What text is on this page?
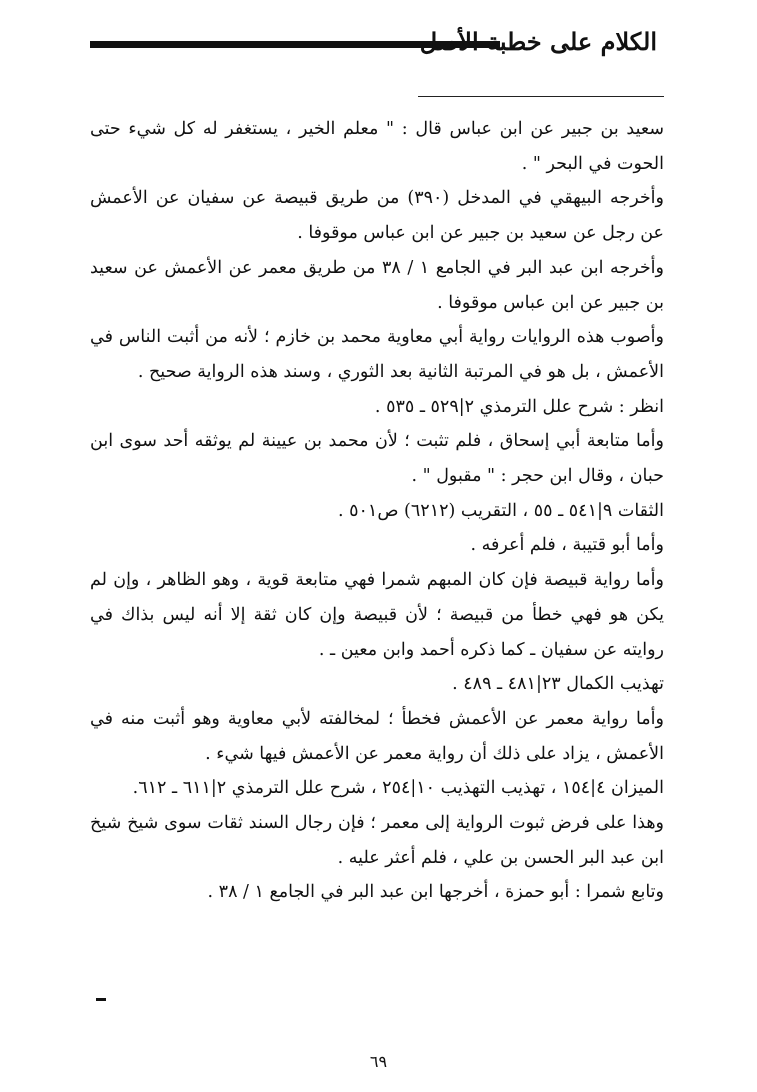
الكلام على خطبة الأصل

سعيد بن جبير عن ابن عباس قال : " معلم الخير ، يستغفر له كل شيء حتى الحوت في البحر " .

وأخرجه البيهقي في المدخل (٣٩٠) من طريق قبيصة عن سفيان عن الأعمش عن رجل عن سعيد بن جبير عن ابن عباس موقوفا .

وأخرجه ابن عبد البر في الجامع ١ / ٣٨ من طريق معمر عن الأعمش عن سعيد بن جبير عن ابن عباس موقوفا .

وأصوب هذه الروايات رواية أبي معاوية محمد بن خازم ؛ لأنه من أثبت الناس في الأعمش ، بل هو في المرتبة الثانية بعد الثوري ، وسند هذه الرواية صحيح .

انظر : شرح علل الترمذي ٢|٥٢٩ ـ ٥٣٥ .

وأما متابعة أبي إسحاق ، فلم تثبت ؛ لأن محمد بن عيينة لم يوثقه أحد سوى ابن حبان ، وقال ابن حجر : " مقبول " .

الثقات ٩|٥٤١ ـ ٥٥ ، التقريب (٦٢١٢) ص٥٠١ .

وأما أبو قتيبة ، فلم أعرفه .

وأما رواية قبيصة فإن كان المبهم شمرا فهي متابعة قوية ، وهو الظاهر ، وإن لم يكن هو فهي خطأ من قبيصة ؛ لأن قبيصة وإن كان ثقة إلا أنه ليس بذاك في روايته عن سفيان ـ كما ذكره أحمد وابن معين ـ .

تهذيب الكمال ٢٣|٤٨١ ـ ٤٨٩ .

وأما رواية معمر عن الأعمش فخطأ ؛ لمخالفته لأبي معاوية وهو أثبت منه في الأعمش ، يزاد على ذلك أن رواية معمر عن الأعمش فيها شيء .

الميزان ٤|١٥٤ ، تهذيب التهذيب ١٠|٢٥٤ ، شرح علل الترمذي ٢|٦١١ ـ ٦١٢.

وهذا على فرض ثبوت الرواية إلى معمر ؛ فإن رجال السند ثقات سوى شيخ شيخ ابن عبد البر الحسن بن علي ، فلم أعثر عليه .

وتابع شمرا : أبو حمزة ، أخرجها ابن عبد البر في الجامع ١ / ٣٨ .

٦٩
